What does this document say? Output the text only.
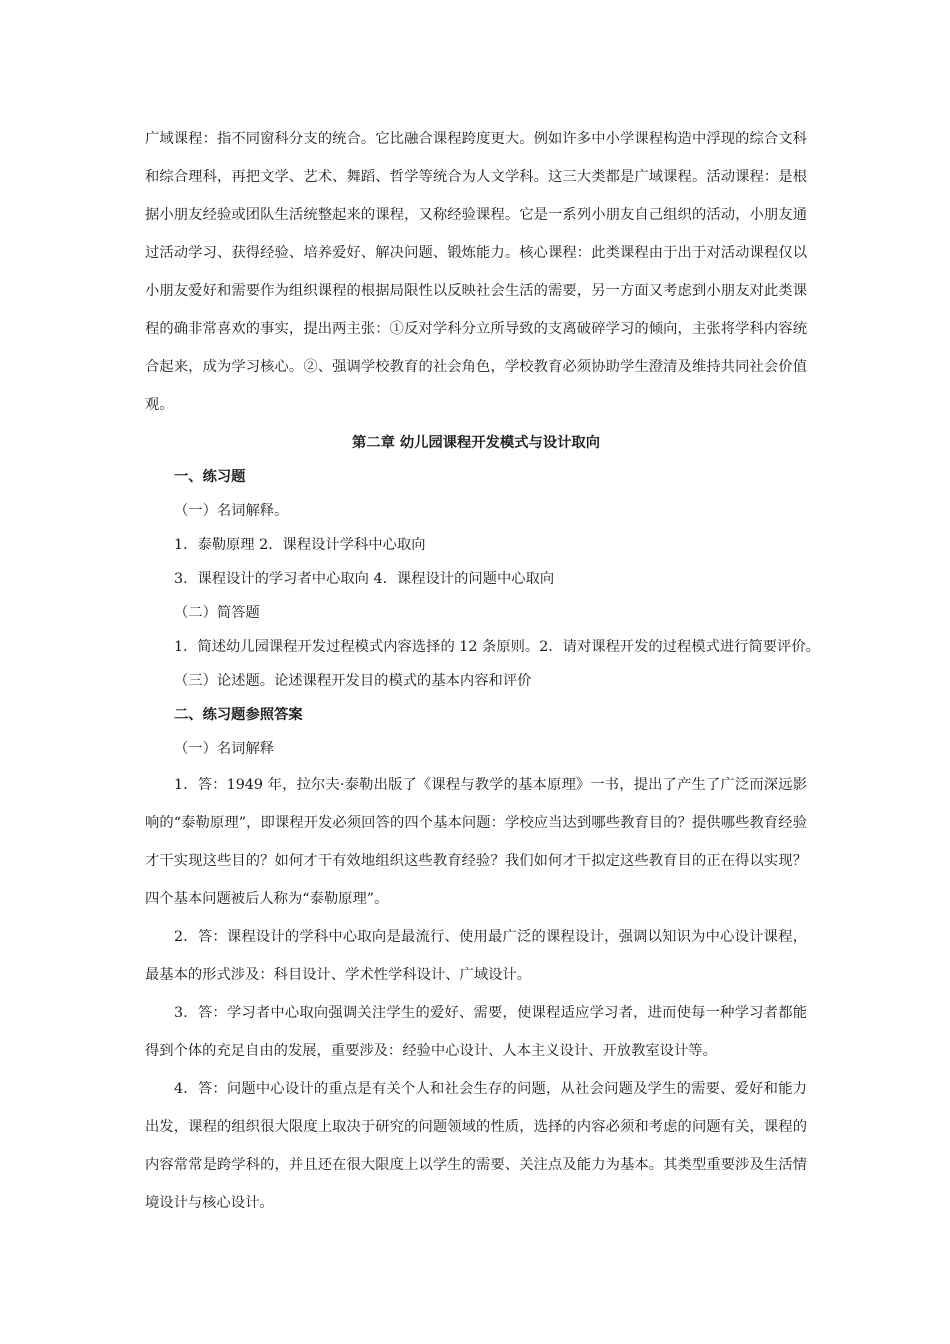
广域课程：指不同窗科分支的统合。它比融合课程跨度更大。例如许多中小学课程构造中浮现的综合文科和综合理科，再把文学、艺术、舞蹈、哲学等统合为人文学科。这三大类都是广域课程。活动课程：是根据小朋友经验或团队生活统整起来的课程，又称经验课程。它是一系列小朋友自己组织的活动，小朋友通过活动学习、获得经验、培养爱好、解决问题、锻炼能力。核心课程：此类课程由于出于对活动课程仅以小朋友爱好和需要作为组织课程的根据局限性以反映社会生活的需要，另一方面又考虑到小朋友对此类课程的确非常喜欢的事实，提出两主张：①反对学科分立所导致的支离破碎学习的倾向，主张将学科内容统合起来，成为学习核心。②、强调学校教育的社会角色，学校教育必须协助学生澄清及维持共同社会价值观。

第二章 幼儿园课程开发模式与设计取向

一、练习题

（一）名词解释。

1．泰勒原理 2．课程设计学科中心取向

3．课程设计的学习者中心取向 4．课程设计的问题中心取向

（二）简答题

1．简述幼儿园课程开发过程模式内容选择的 12 条原则。2．请对课程开发的过程模式进行简要评价。

（三）论述题。论述课程开发目的模式的基本内容和评价

二、练习题参照答案

（一）名词解释

1．答：1949 年，拉尔夫·泰勒出版了《课程与教学的基本原理》一书，提出了产生了广泛而深远影响的“泰勒原理”，即课程开发必须回答的四个基本问题：学校应当达到哪些教育目的？提供哪些教育经验才干实现这些目的？如何才干有效地组织这些教育经验？我们如何才干拟定这些教育目的正在得以实现？四个基本问题被后人称为“泰勒原理”。

2．答：课程设计的学科中心取向是最流行、使用最广泛的课程设计，强调以知识为中心设计课程，最基本的形式涉及：科目设计、学术性学科设计、广域设计。

3．答：学习者中心取向强调关注学生的爱好、需要，使课程适应学习者，进而使每一种学习者都能得到个体的充足自由的发展，重要涉及：经验中心设计、人本主义设计、开放教室设计等。

4．答：问题中心设计的重点是有关个人和社会生存的问题，从社会问题及学生的需要、爱好和能力出发，课程的组织很大限度上取决于研究的问题领域的性质，选择的内容必须和考虑的问题有关，课程的内容常常是跨学科的，并且还在很大限度上以学生的需要、关注点及能力为基本。其类型重要涉及生活情境设计与核心设计。
